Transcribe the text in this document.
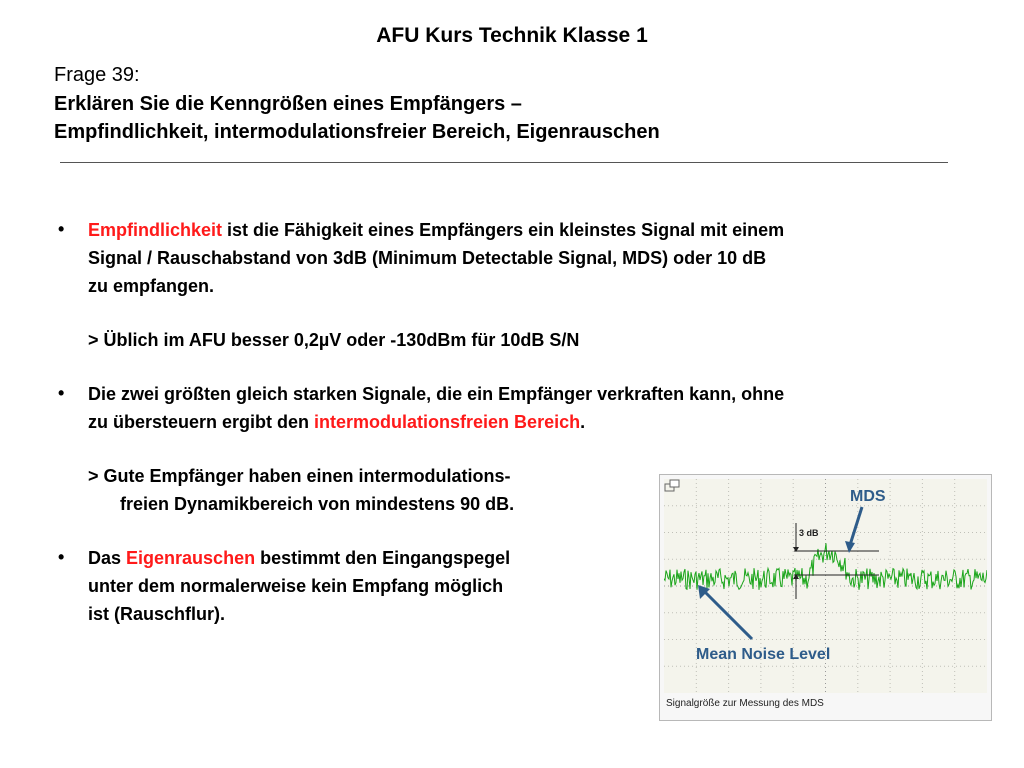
AFU Kurs Technik Klasse 1
Frage 39:
Erklären Sie die Kenngrößen eines Empfängers –
Empfindlichkeit, intermodulationsfreier Bereich, Eigenrauschen
• Empfindlichkeit ist die Fähigkeit eines Empfängers ein kleinstes Signal mit einem
Signal / Rauschabstand von 3dB (Minimum Detectable Signal, MDS) oder 10 dB
zu empfangen.
> Üblich im AFU besser 0,2µV oder -130dBm für 10dB S/N
• Die zwei größten gleich starken Signale, die ein Empfänger verkraften kann, ohne
zu übersteuern ergibt den intermodulationsfreien Bereich.
> Gute Empfänger haben einen intermodulations-
freien Dynamikbereich von mindestens 90 dB.
• Das Eigenrauschen bestimmt den Eingangspegel
unter dem normalerweise kein Empfang möglich
ist (Rauschflur).
3 dB
MDS
Mean Noise Level
Signalgröße zur Messung des MDS
